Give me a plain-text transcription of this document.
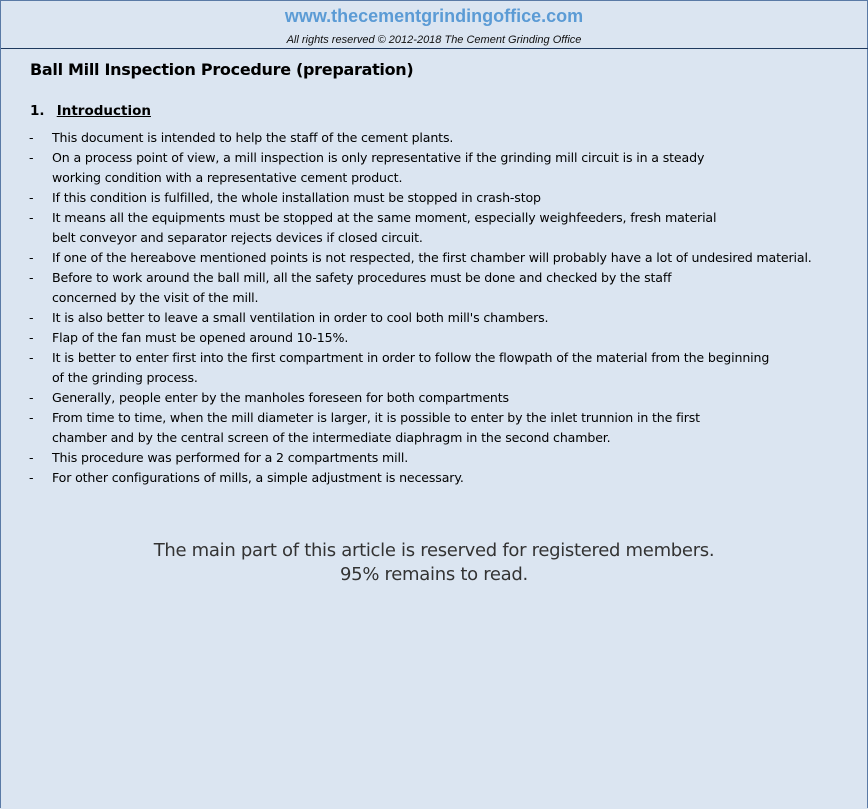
www.thecementgrindingoffice.com
All rights reserved © 2012-2018 The Cement Grinding Office
Ball Mill Inspection Procedure (preparation)
1. Introduction
- This document is intended to help the staff of the cement plants.
- On a process point of view, a mill inspection is only representative if the grinding mill circuit is in a steady
working condition with a representative cement product.
- If this condition is fulfilled, the whole installation must be stopped in crash-stop
- It means all the equipments must be stopped at the same moment, especially weighfeeders, fresh material
belt conveyor and separator rejects devices if closed circuit.
- If one of the hereabove mentioned points is not respected, the first chamber will probably have a lot of undesired material.
- Before to work around the ball mill, all the safety procedures must be done and checked by the staff
concerned by the visit of the mill.
- It is also better to leave a small ventilation in order to cool both mill's chambers.
- Flap of the fan must be opened around 10-15%.
- It is better to enter first into the first compartment in order to follow the flowpath of the material from the beginning
of the grinding process.
- Generally, people enter by the manholes foreseen for both compartments
- From time to time, when the mill diameter is larger, it is possible to enter by the inlet trunnion in the first
chamber and by the central screen of the intermediate diaphragm in the second chamber.
- This procedure was performed for a 2 compartments mill.
- For other configurations of mills, a simple adjustment is necessary.
The main part of this article is reserved for registered members.
95% remains to read.
